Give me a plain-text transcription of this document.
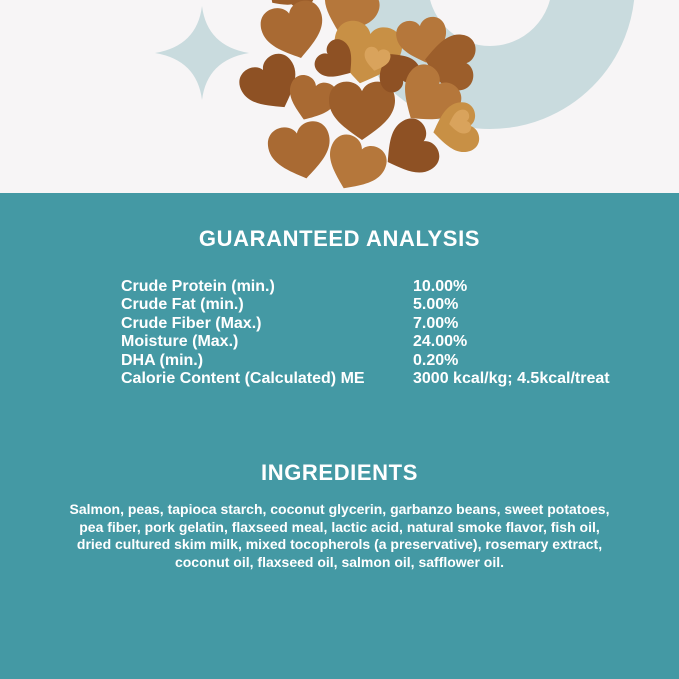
GUARANTEED ANALYSIS
Crude Protein (min.)	10.00%
Crude Fat (min.)	5.00%
Crude Fiber (Max.)	7.00%
Moisture (Max.)	24.00%
DHA (min.)	0.20%
Calorie Content (Calculated) ME	3000 kcal/kg; 4.5kcal/treat
INGREDIENTS
Salmon, peas, tapioca starch, coconut glycerin, garbanzo beans, sweet potatoes, pea fiber, pork gelatin, flaxseed meal, lactic acid, natural smoke flavor, fish oil, dried cultured skim milk, mixed tocopherols (a preservative), rosemary extract, coconut oil, flaxseed oil, salmon oil, safflower oil.
